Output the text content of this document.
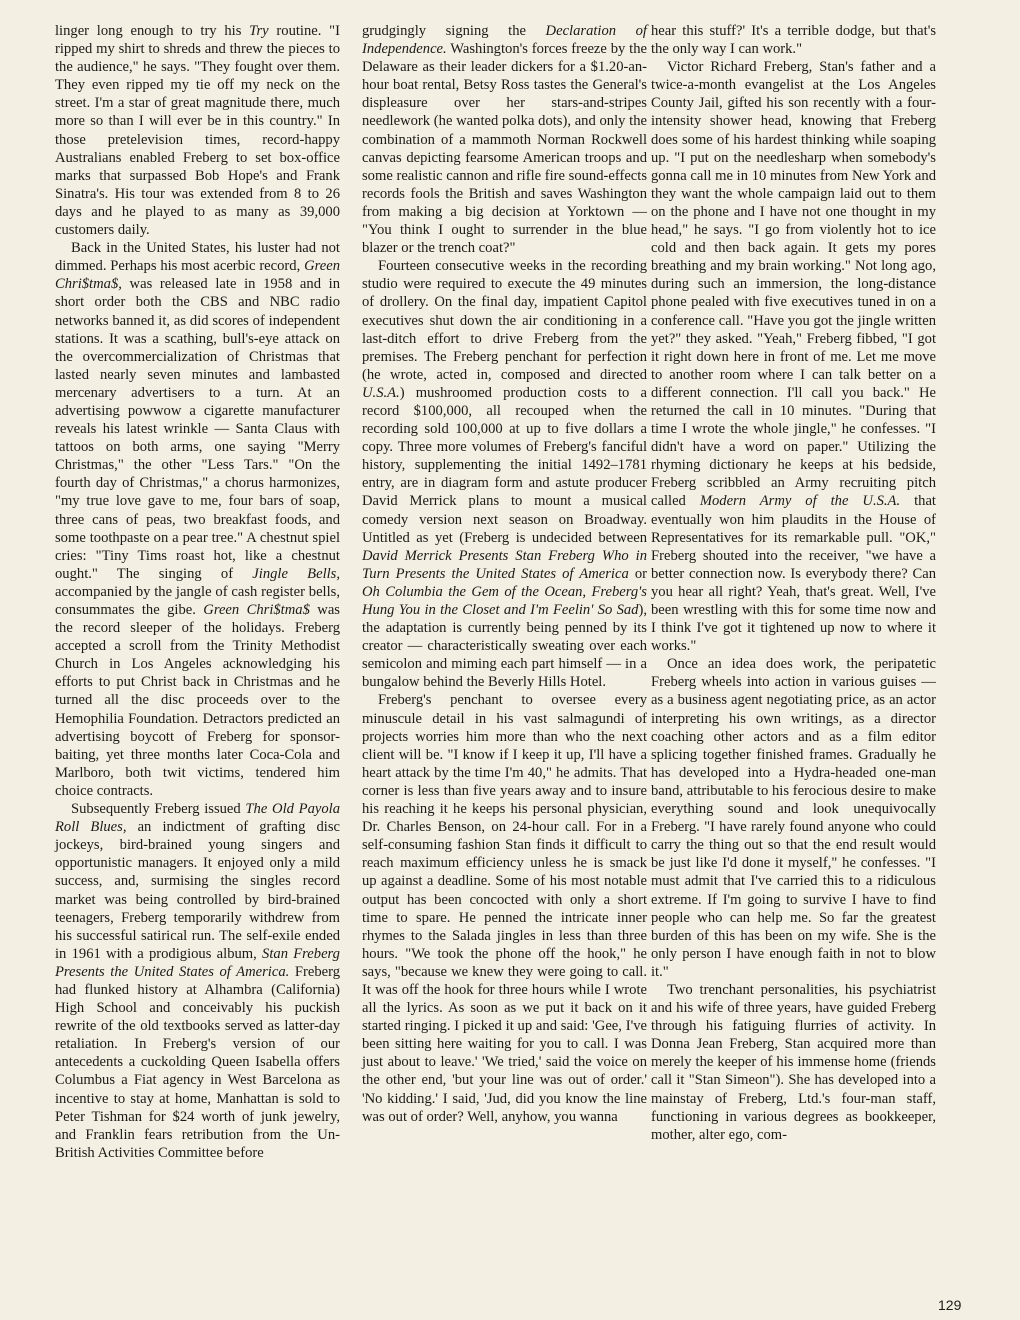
linger long enough to try his Try routine. "I ripped my shirt to shreds and threw the pieces to the audience," he says. "They fought over them. They even ripped my tie off my neck on the street. I'm a star of great magnitude there, much more so than I will ever be in this country." In those pretelevision times, record-happy Australians enabled Freberg to set box-office marks that surpassed Bob Hope's and Frank Sinatra's. His tour was extended from 8 to 26 days and he played to as many as 39,000 customers daily.

Back in the United States, his luster had not dimmed. Perhaps his most acerbic record, Green Chri$tma$, was released late in 1958 and in short order both the CBS and NBC radio networks banned it, as did scores of independent stations. It was a scathing, bull's-eye attack on the overcommercialization of Christmas that lasted nearly seven minutes and lambasted mercenary advertisers to a turn. At an advertising powwow a cigarette manufacturer reveals his latest wrinkle — Santa Claus with tattoos on both arms, one saying "Merry Christmas," the other "Less Tars." "On the fourth day of Christmas," a chorus harmonizes, "my true love gave to me, four bars of soap, three cans of peas, two breakfast foods, and some toothpaste on a pear tree." A chestnut spiel cries: "Tiny Tims roast hot, like a chestnut ought." The singing of Jingle Bells, accompanied by the jangle of cash register bells, consummates the gibe. Green Chri$tma$ was the record sleeper of the holidays. Freberg accepted a scroll from the Trinity Methodist Church in Los Angeles acknowledging his efforts to put Christ back in Christmas and he turned all the disc proceeds over to the Hemophilia Foundation. Detractors predicted an advertising boycott of Freberg for sponsor-baiting, yet three months later Coca-Cola and Marlboro, both twit victims, tendered him choice contracts.

Subsequently Freberg issued The Old Payola Roll Blues, an indictment of grafting disc jockeys, bird-brained young singers and opportunistic managers. It enjoyed only a mild success, and, surmising the singles record market was being controlled by bird-brained teenagers, Freberg temporarily withdrew from his successful satirical run. The self-exile ended in 1961 with a prodigious album, Stan Freberg Presents the United States of America. Freberg had flunked history at Alhambra (California) High School and conceivably his puckish rewrite of the old textbooks served as latter-day retaliation. In Freberg's version of our antecedents a cuckolding Queen Isabella offers Columbus a Fiat agency in West Barcelona as incentive to stay at home, Manhattan is sold to Peter Tishman for $24 worth of junk jewelry, and Franklin fears retribution from the Un-British Activities Committee before

grudgingly signing the Declaration of Independence. Washington's forces freeze by the Delaware as their leader dickers for a $1.20-an-hour boat rental, Betsy Ross tastes the General's displeasure over her stars-and-stripes needlework (he wanted polka dots), and only the combination of a mammoth Norman Rockwell canvas depicting fearsome American troops and some realistic cannon and rifle fire sound-effects records fools the British and saves Washington from making a big decision at Yorktown — "You think I ought to surrender in the blue blazer or the trench coat?"

Fourteen consecutive weeks in the recording studio were required to execute the 49 minutes of drollery. On the final day, impatient Capitol executives shut down the air conditioning in a last-ditch effort to drive Freberg from the premises. The Freberg penchant for perfection (he wrote, acted in, composed and directed U.S.A.) mushroomed production costs to a record $100,000, all recouped when the recording sold 100,000 at up to five dollars a copy. Three more volumes of Freberg's fanciful history, supplementing the initial 1492–1781 entry, are in diagram form and astute producer David Merrick plans to mount a musical comedy version next season on Broadway. Untitled as yet (Freberg is undecided between David Merrick Presents Stan Freberg Who in Turn Presents the United States of America or Oh Columbia the Gem of the Ocean, Freberg's Hung You in the Closet and I'm Feelin' So Sad), the adaptation is currently being penned by its creator — characteristically sweating over each semicolon and miming each part himself — in a bungalow behind the Beverly Hills Hotel.

Freberg's penchant to oversee every minuscule detail in his vast salmagundi of projects worries him more than who the next client will be. "I know if I keep it up, I'll have a heart attack by the time I'm 40," he admits. That corner is less than five years away and to insure his reaching it he keeps his personal physician, Dr. Charles Benson, on 24-hour call. For in a self-consuming fashion Stan finds it difficult to reach maximum efficiency unless he is smack up against a deadline. Some of his most notable output has been concocted with only a short time to spare. He penned the intricate inner rhymes to the Salada jingles in less than three hours. "We took the phone off the hook," he says, "because we knew they were going to call. It was off the hook for three hours while I wrote all the lyrics. As soon as we put it back on it started ringing. I picked it up and said: 'Gee, I've been sitting here waiting for you to call. I was just about to leave.' 'We tried,' said the voice on the other end, 'but your line was out of order.' 'No kidding.' I said, 'Jud, did you know the line was out of order? Well, anyhow, you wanna

hear this stuff?' It's a terrible dodge, but that's the only way I can work."

Victor Richard Freberg, Stan's father and a twice-a-month evangelist at the Los Angeles County Jail, gifted his son recently with a four-intensity shower head, knowing that Freberg does some of his hardest thinking while soaping up. "I put on the needlesharp when somebody's gonna call me in 10 minutes from New York and they want the whole campaign laid out to them on the phone and I have not one thought in my head," he says. "I go from violently hot to ice cold and then back again. It gets my pores breathing and my brain working." Not long ago, during such an immersion, the long-distance phone pealed with five executives tuned in on a conference call. "Have you got the jingle written yet?" they asked. "Yeah," Freberg fibbed, "I got it right down here in front of me. Let me move to another room where I can talk better on a different connection. I'll call you back." He returned the call in 10 minutes. "During that time I wrote the whole jingle," he confesses. "I didn't have a word on paper." Utilizing the rhyming dictionary he keeps at his bedside, Freberg scribbled an Army recruiting pitch called Modern Army of the U.S.A. that eventually won him plaudits in the House of Representatives for its remarkable pull. "OK," Freberg shouted into the receiver, "we have a better connection now. Is everybody there? Can you hear all right? Yeah, that's great. Well, I've been wrestling with this for some time now and I think I've got it tightened up now to where it works."

Once an idea does work, the peripatetic Freberg wheels into action in various guises — as a business agent negotiating price, as an actor interpreting his own writings, as a director coaching other actors and as a film editor splicing together finished frames. Gradually he has developed into a Hydra-headed one-man band, attributable to his ferocious desire to make everything sound and look unequivocally Freberg. "I have rarely found anyone who could carry the thing out so that the end result would be just like I'd done it myself," he confesses. "I must admit that I've carried this to a ridiculous extreme. If I'm going to survive I have to find people who can help me. So far the greatest burden of this has been on my wife. She is the only person I have enough faith in not to blow it."

Two trenchant personalities, his psychiatrist and his wife of three years, have guided Freberg through his fatiguing flurries of activity. In Donna Jean Freberg, Stan acquired more than merely the keeper of his immense home (friends call it "Stan Simeon"). She has developed into a mainstay of Freberg, Ltd.'s four-man staff, functioning in various degrees as bookkeeper, mother, alter ego, com-

129
